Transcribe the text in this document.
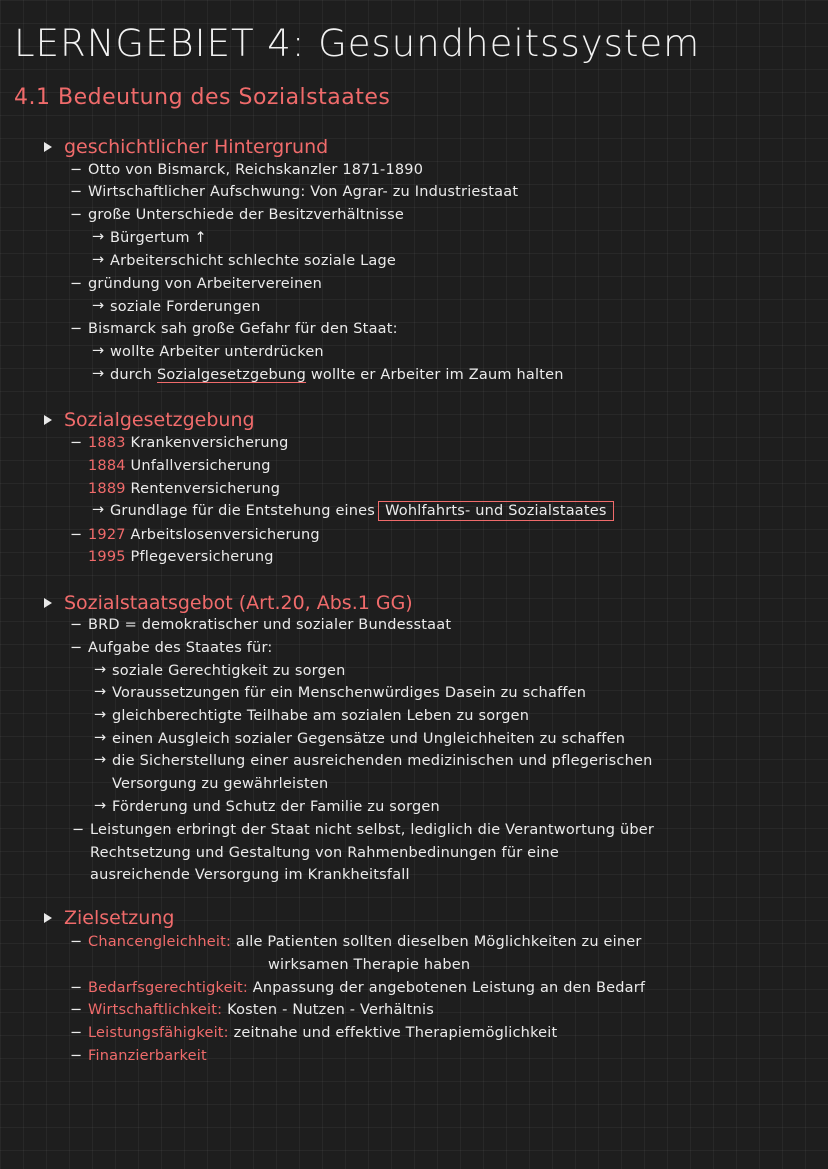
LERNGEBIET 4: Gesundheitssystem
4.1 Bedeutung des Sozialstaates
geschichtlicher Hintergrund
− Otto von Bismarck, Reichskanzler 1871-1890
− Wirtschaftlicher Aufschwung: Von Agrar- zu Industriestaat
− große Unterschiede der Besitzverhältnisse
→ Bürgertum ↑
→ Arbeiterschicht schlechte soziale Lage
− gründung von Arbeitervereinen
→ soziale Forderungen
− Bismarck sah große Gefahr für den Staat:
→ wollte Arbeiter unterdrücken
→ durch Sozialgesetzgebung wollte er Arbeiter im Zaum halten
Sozialgesetzgebung
− 1883 Krankenversicherung
1884 Unfallversicherung
1889 Rentenversicherung
→ Grundlage für die Entstehung eines Wohlfahrts- und Sozialstaates
− 1927 Arbeitslosenversicherung
1995 Pflegeversicherung
Sozialstaatsgebot (Art.20, Abs.1 GG)
− BRD = demokratischer und sozialer Bundesstaat
− Aufgabe des Staates für:
→ soziale Gerechtigkeit zu sorgen
→ Voraussetzungen für ein Menschenwürdiges Dasein zu schaffen
→ gleichberechtigte Teilhabe am sozialen Leben zu sorgen
→ einen Ausgleich sozialer Gegensätze und Ungleichheiten zu schaffen
→ die Sicherstellung einer ausreichenden medizinischen und pflegerischen
Versorgung zu gewährleisten
→ Förderung und Schutz der Familie zu sorgen
− Leistungen erbringt der Staat nicht selbst, lediglich die Verantwortung über
Rechtsetzung und Gestaltung von Rahmenbedinungen für eine
ausreichende Versorgung im Krankheitsfall
Zielsetzung
− Chancengleichheit: alle Patienten sollten dieselben Möglichkeiten zu einer
wirksamen Therapie haben
− Bedarfsgerechtigkeit: Anpassung der angebotenen Leistung an den Bedarf
− Wirtschaftlichkeit: Kosten - Nutzen - Verhältnis
− Leistungsfähigkeit: zeitnahe und effektive Therapiemöglichkeit
− Finanzierbarkeit
